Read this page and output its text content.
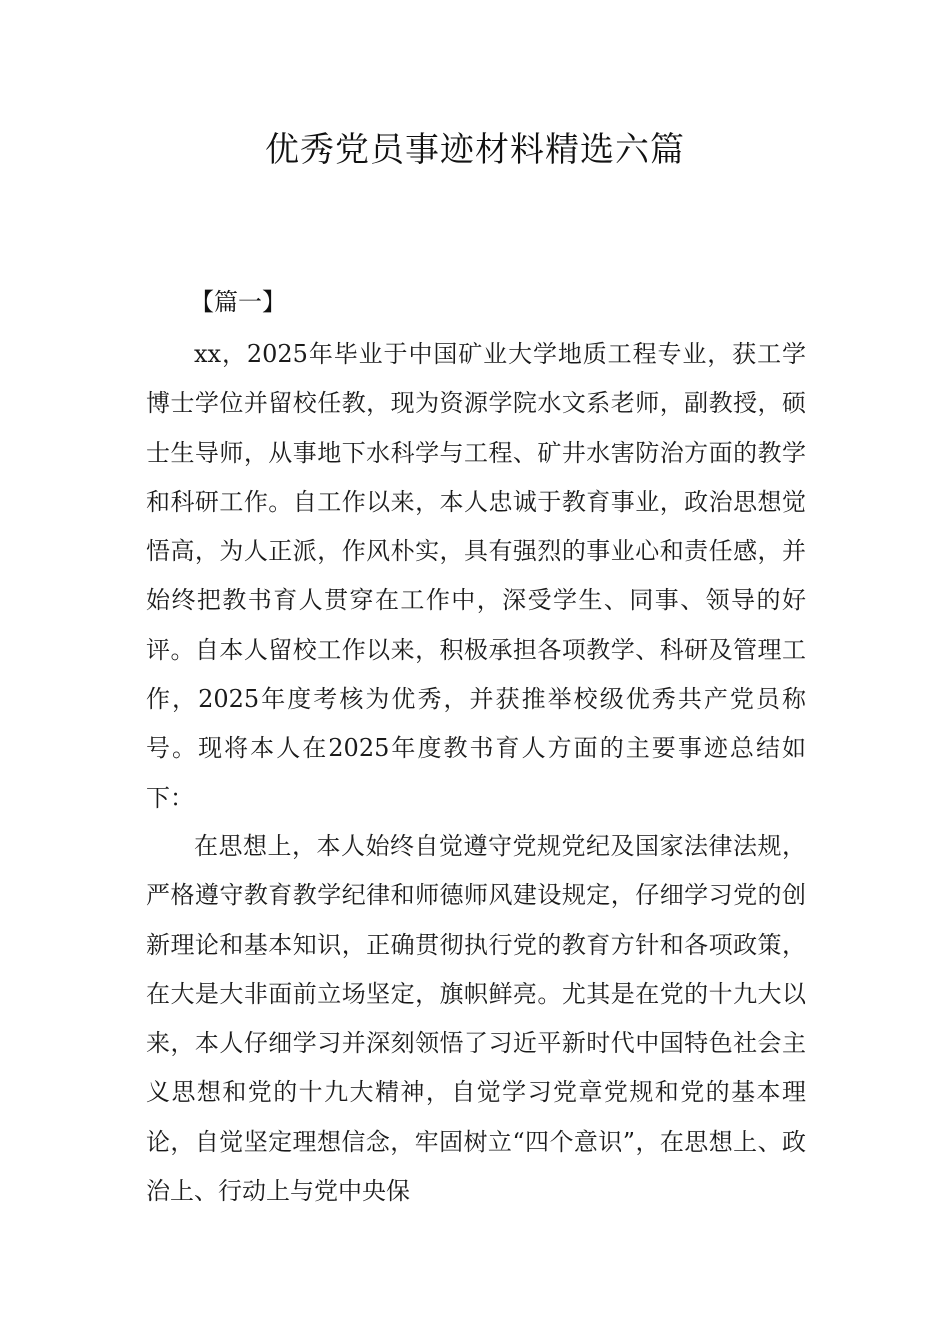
优秀党员事迹材料精选六篇
【篇一】

xx，2025年毕业于中国矿业大学地质工程专业，获工学博士学位并留校任教，现为资源学院水文系老师，副教授，硕士生导师，从事地下水科学与工程、矿井水害防治方面的教学和科研工作。自工作以来，本人忠诚于教育事业，政治思想觉悟高，为人正派，作风朴实，具有强烈的事业心和责任感，并始终把教书育人贯穿在工作中，深受学生、同事、领导的好评。自本人留校工作以来，积极承担各项教学、科研及管理工作，2025年度考核为优秀，并获推举校级优秀共产党员称号。现将本人在2025年度教书育人方面的主要事迹总结如下：

在思想上，本人始终自觉遵守党规党纪及国家法律法规，严格遵守教育教学纪律和师德师风建设规定，仔细学习党的创新理论和基本知识，正确贯彻执行党的教育方针和各项政策，在大是大非面前立场坚定，旗帜鲜亮。尤其是在党的十九大以来，本人仔细学习并深刻领悟了习近平新时代中国特色社会主义思想和党的十九大精神，自觉学习党章党规和党的基本理论，自觉坚定理想信念，牢固树立“四个意识”，在思想上、政治上、行动上与党中央保
